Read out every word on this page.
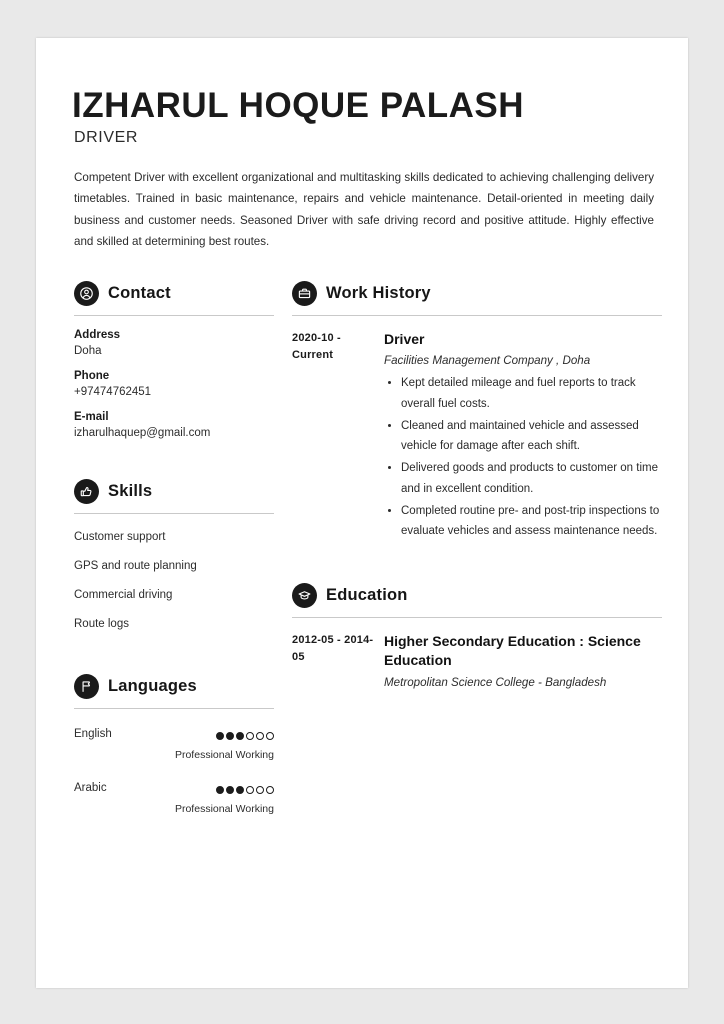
IZHARUL HOQUE PALASH
DRIVER
Competent Driver with excellent organizational and multitasking skills dedicated to achieving challenging delivery timetables. Trained in basic maintenance, repairs and vehicle maintenance. Detail-oriented in meeting daily business and customer needs. Seasoned Driver with safe driving record and positive attitude. Highly effective and skilled at determining best routes.
Contact
Address
Doha
Phone
+97474762451
E-mail
izharulhaquep@gmail.com
Skills
Customer support
GPS and route planning
Commercial driving
Route logs
Languages
English
Professional Working
Arabic
Professional Working
Work History
2020-10 - Current
Driver
Facilities Management Company , Doha
• Kept detailed mileage and fuel reports to track overall fuel costs.
• Cleaned and maintained vehicle and assessed vehicle for damage after each shift.
• Delivered goods and products to customer on time and in excellent condition.
• Completed routine pre- and post-trip inspections to evaluate vehicles and assess maintenance needs.
Education
2012-05 - 2014-05
Higher Secondary Education : Science Education
Metropolitan Science College - Bangladesh
